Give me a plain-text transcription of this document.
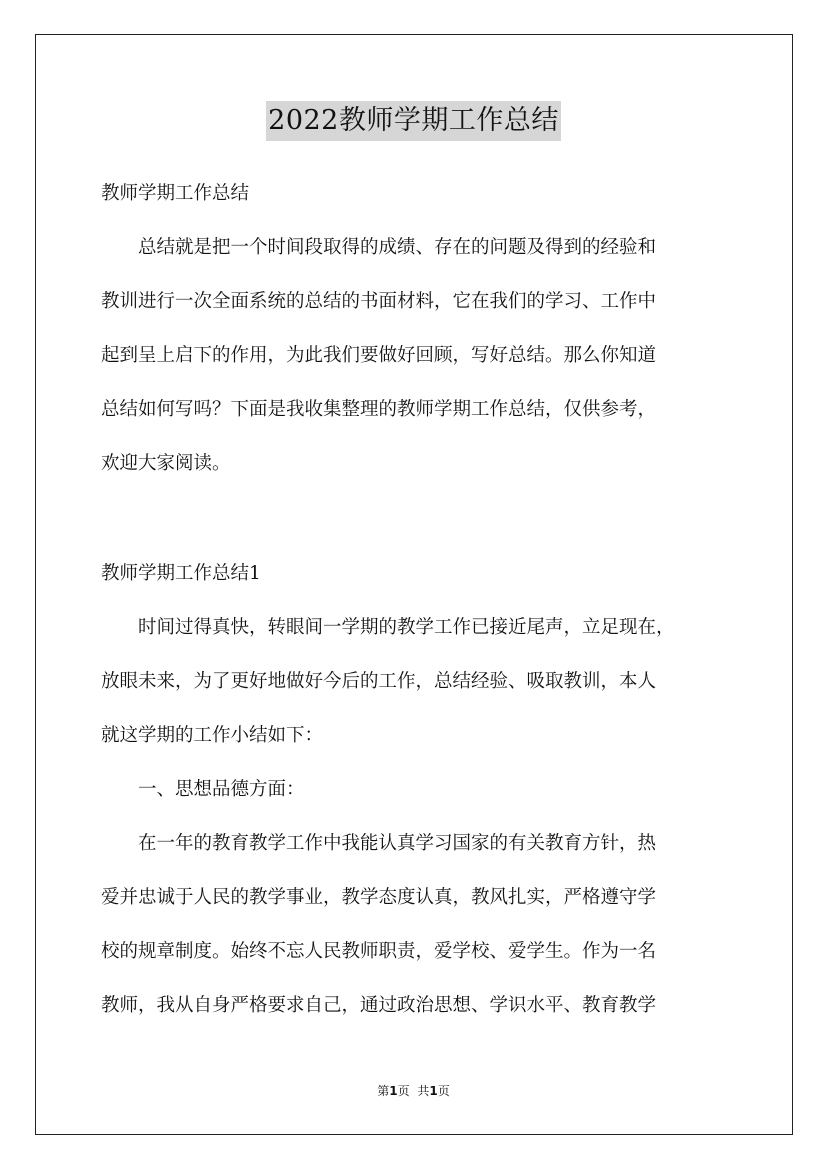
2022教师学期工作总结
教师学期工作总结
　　总结就是把一个时间段取得的成绩、存在的问题及得到的经验和
教训进行一次全面系统的总结的书面材料，它在我们的学习、工作中
起到呈上启下的作用，为此我们要做好回顾，写好总结。那么你知道
总结如何写吗？下面是我收集整理的教师学期工作总结，仅供参考，
欢迎大家阅读。
教师学期工作总结1
　　时间过得真快，转眼间一学期的教学工作已接近尾声，立足现在，
放眼未来，为了更好地做好今后的工作，总结经验、吸取教训，本人
就这学期的工作小结如下：
　　一、思想品德方面：
　　在一年的教育教学工作中我能认真学习国家的有关教育方针，热
爱并忠诚于人民的教学事业，教学态度认真，教风扎实，严格遵守学
校的规章制度。始终不忘人民教师职责，爱学校、爱学生。作为一名
教师，我从自身严格要求自己，通过政治思想、学识水平、教育教学
第1页 共1页
